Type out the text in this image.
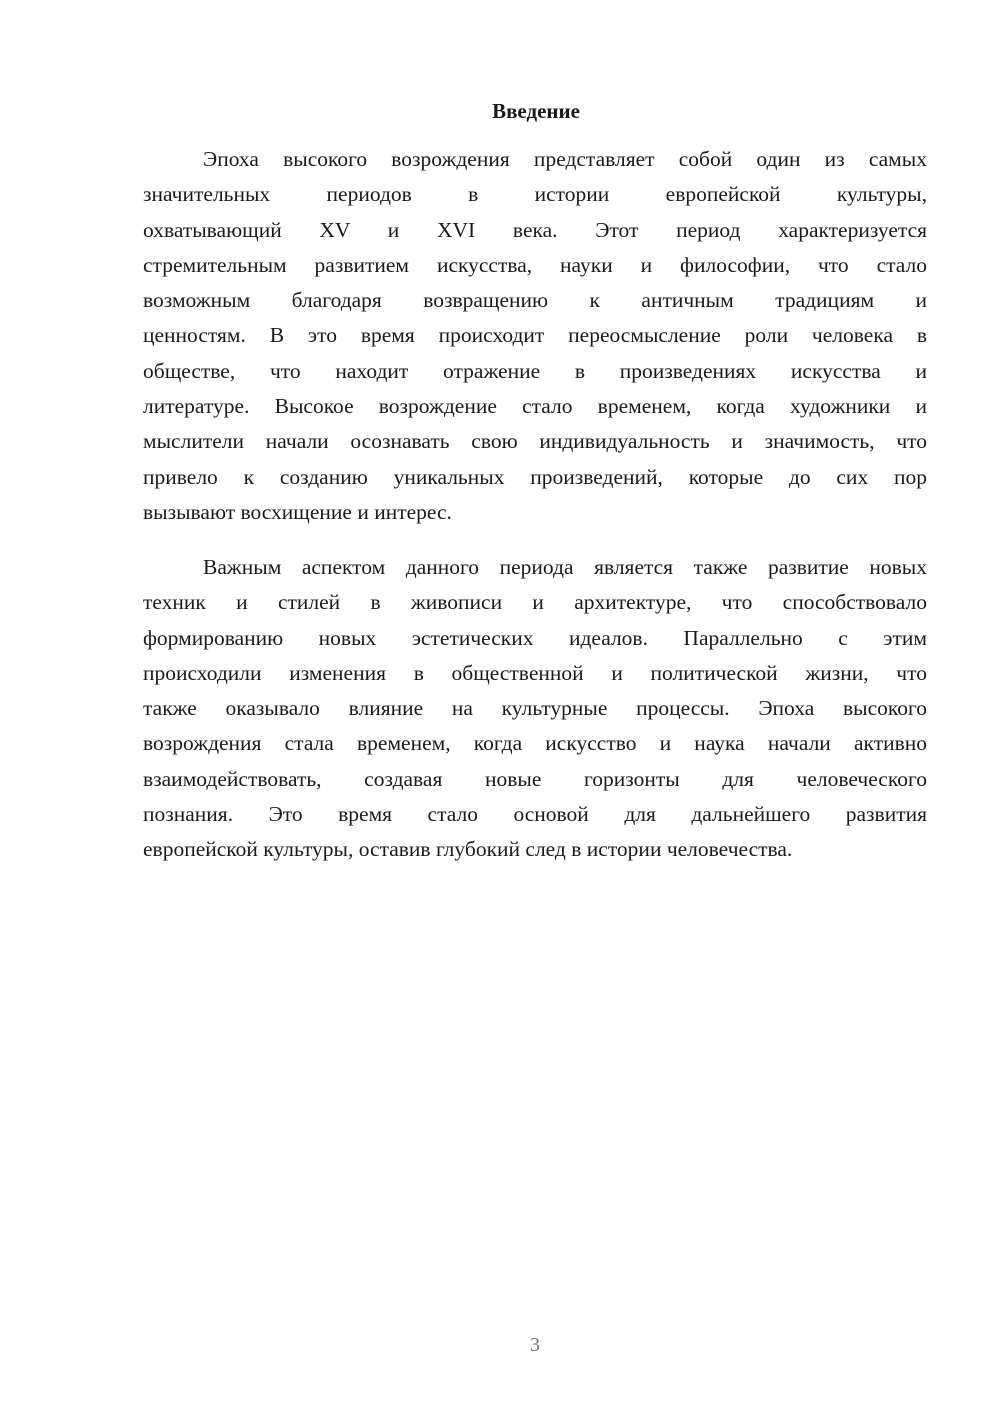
Введение
Эпоха высокого возрождения представляет собой один из самых
значительных периодов в истории европейской культуры,
охватывающий XV и XVI века. Этот период характеризуется
стремительным развитием искусства, науки и философии, что стало
возможным благодаря возвращению к античным традициям и
ценностям. В это время происходит переосмысление роли человека в
обществе, что находит отражение в произведениях искусства и
литературе. Высокое возрождение стало временем, когда художники и
мыслители начали осознавать свою индивидуальность и значимость, что
привело к созданию уникальных произведений, которые до сих пор
вызывают восхищение и интерес.
Важным аспектом данного периода является также развитие новых
техник и стилей в живописи и архитектуре, что способствовало
формированию новых эстетических идеалов. Параллельно с этим
происходили изменения в общественной и политической жизни, что
также оказывало влияние на культурные процессы. Эпоха высокого
возрождения стала временем, когда искусство и наука начали активно
взаимодействовать, создавая новые горизонты для человеческого
познания. Это время стало основой для дальнейшего развития
европейской культуры, оставив глубокий след в истории человечества.
3
